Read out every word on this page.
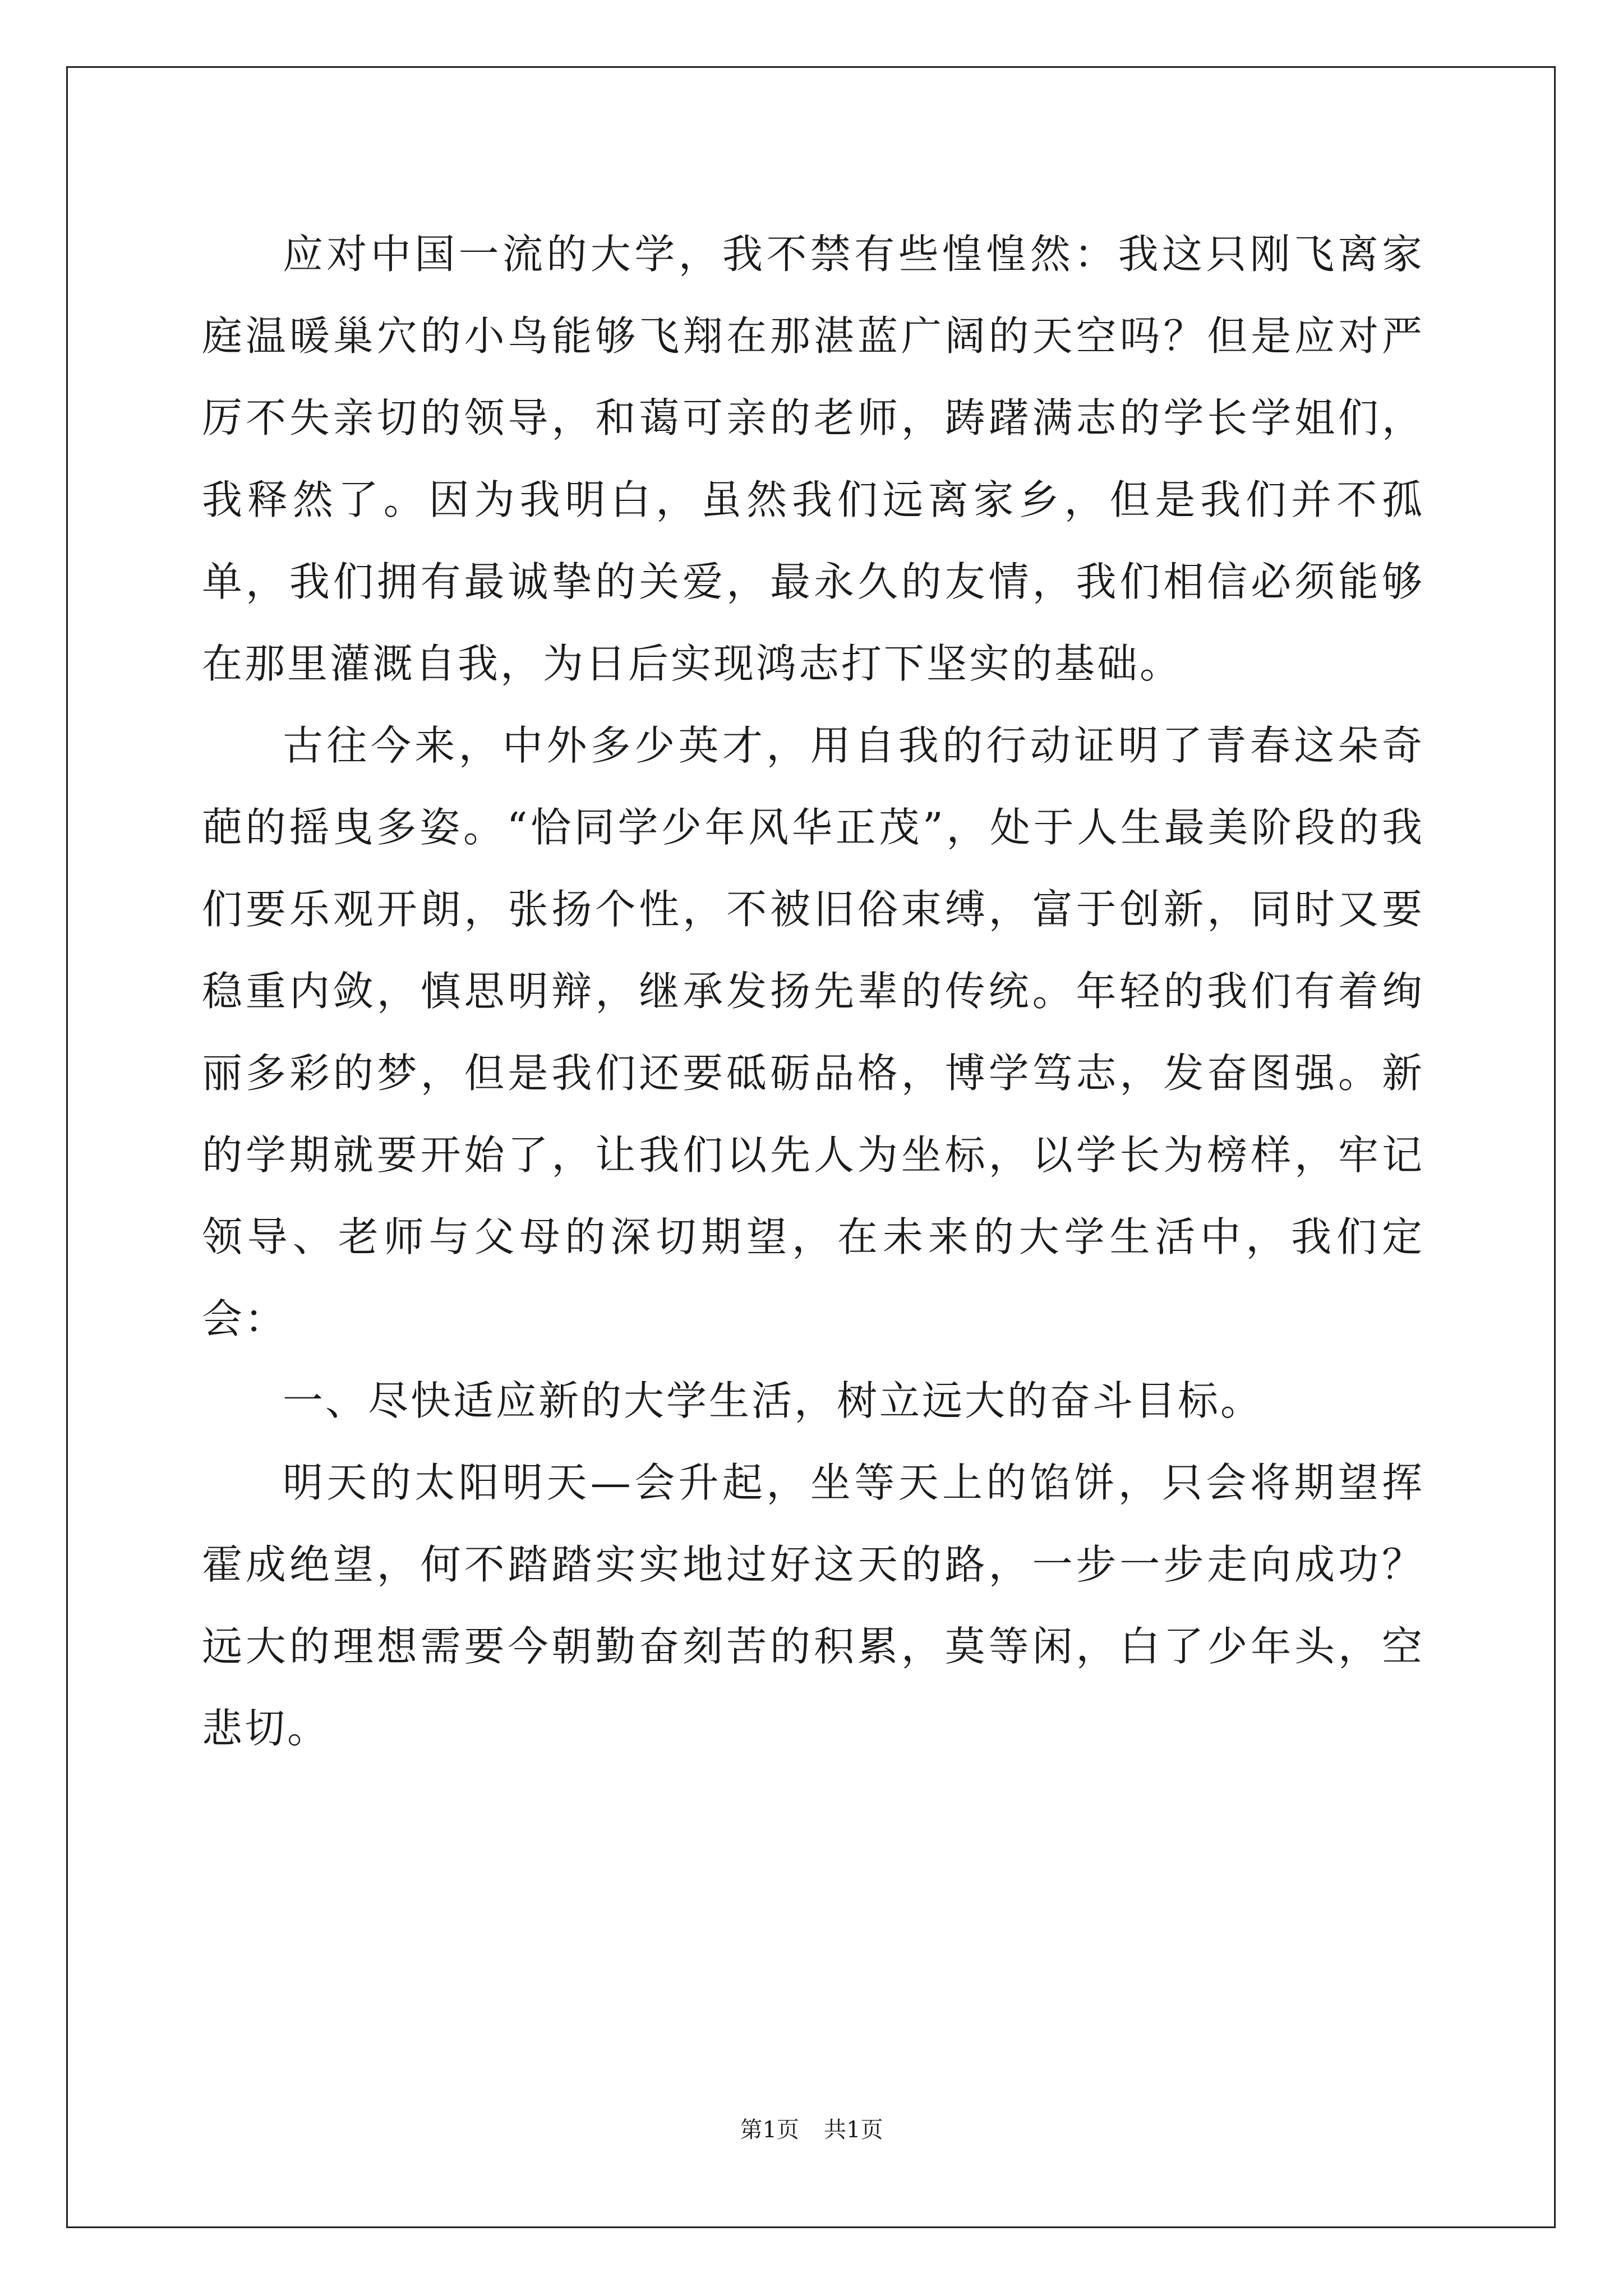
应对中国一流的大学，我不禁有些惶惶然：我这只刚飞离家庭温暖巢穴的小鸟能够飞翔在那湛蓝广阔的天空吗？但是应对严厉不失亲切的领导，和蔼可亲的老师，踌躇满志的学长学姐们，我释然了。因为我明白，虽然我们远离家乡，但是我们并不孤单，我们拥有最诚挚的关爱，最永久的友情，我们相信必须能够在那里灌溉自我，为日后实现鸿志打下坚实的基础。

古往今来，中外多少英才，用自我的行动证明了青春这朵奇葩的摇曳多姿。“恰同学少年风华正茂”，处于人生最美阶段的我们要乐观开朗，张扬个性，不被旧俗束缚，富于创新，同时又要稳重内敛，慎思明辩，继承发扬先辈的传统。年轻的我们有着绚丽多彩的梦，但是我们还要砥砺品格，博学笃志，发奋图强。新的学期就要开始了，让我们以先人为坐标，以学长为榜样，牢记领导、老师与父母的深切期望，在未来的大学生活中，我们定会：

一、尽快适应新的大学生活，树立远大的奋斗目标。

明天的太阳明天—会升起，坐等天上的馅饼，只会将期望挥霍成绝望，何不踏踏实实地过好这天的路，一步一步走向成功？远大的理想需要今朝勤奋刻苦的积累，莫等闲，白了少年头，空悲切。

第1页 共1页
